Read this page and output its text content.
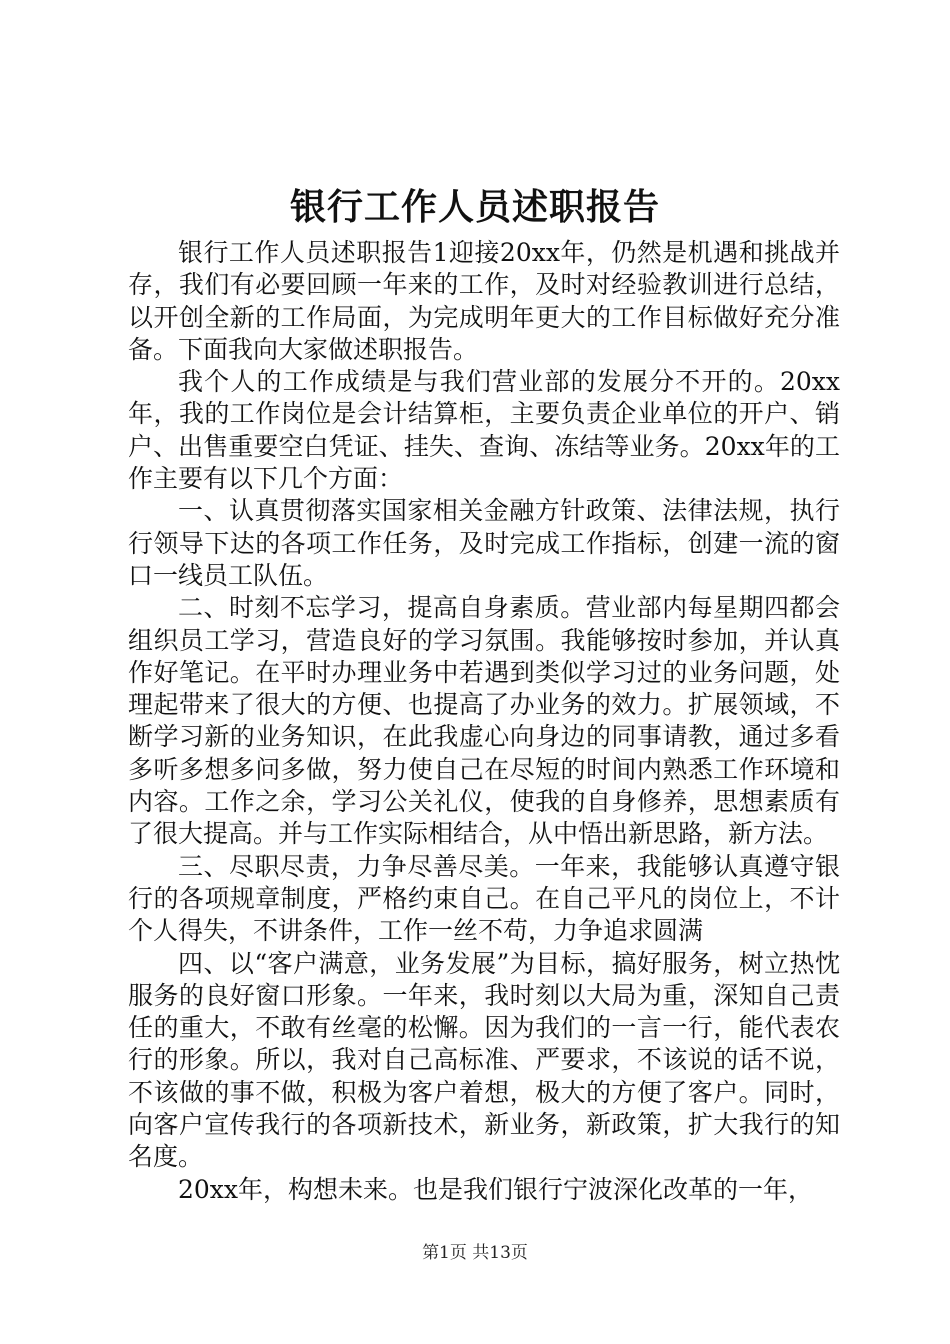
银行工作人员述职报告

银行工作人员述职报告1迎接20xx年，仍然是机遇和挑战并存，我们有必要回顾一年来的工作，及时对经验教训进行总结，以开创全新的工作局面，为完成明年更大的工作目标做好充分准备。下面我向大家做述职报告。

我个人的工作成绩是与我们营业部的发展分不开的。20xx年，我的工作岗位是会计结算柜，主要负责企业单位的开户、销户、出售重要空白凭证、挂失、查询、冻结等业务。20xx年的工作主要有以下几个方面：

一、认真贯彻落实国家相关金融方针政策、法律法规，执行行领导下达的各项工作任务，及时完成工作指标，创建一流的窗口一线员工队伍。

二、时刻不忘学习，提高自身素质。营业部内每星期四都会组织员工学习，营造良好的学习氛围。我能够按时参加，并认真作好笔记。在平时办理业务中若遇到类似学习过的业务问题，处理起带来了很大的方便、也提高了办业务的效力。扩展领域，不断学习新的业务知识，在此我虚心向身边的同事请教，通过多看多听多想多问多做，努力使自己在尽短的时间内熟悉工作环境和内容。工作之余，学习公关礼仪，使我的自身修养，思想素质有了很大提高。并与工作实际相结合，从中悟出新思路，新方法。

三、尽职尽责，力争尽善尽美。一年来，我能够认真遵守银行的各项规章制度，严格约束自己。在自己平凡的岗位上，不计个人得失，不讲条件，工作一丝不苟，力争追求圆满

四、以“客户满意，业务发展”为目标，搞好服务，树立热忱服务的良好窗口形象。一年来，我时刻以大局为重，深知自己责任的重大，不敢有丝毫的松懈。因为我们的一言一行，能代表农行的形象。所以，我对自己高标准、严要求，不该说的话不说，不该做的事不做，积极为客户着想，极大的方便了客户。同时，向客户宣传我行的各项新技术，新业务，新政策，扩大我行的知名度。

20xx年，构想未来。也是我们银行宁波深化改革的一年，

第1页 共13页
